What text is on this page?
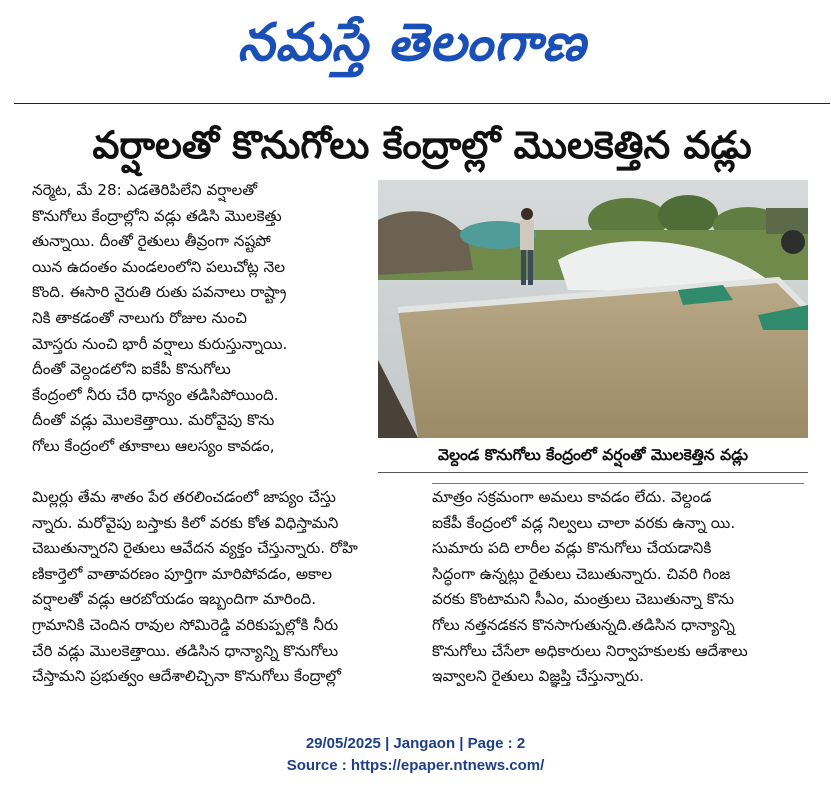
నమస్తే తెలంగాణ
వర్షాలతో కొనుగోలు కేంద్రాల్లో మొలకెత్తిన వడ్లు
నర్మెట, మే 28: ఎడతెరిపిలేని వర్షాలతో
కొనుగోలు కేంద్రాల్లోని వడ్లు తడిసి మొలకెత్తు
తున్నాయి. దీంతో రైతులు తీవ్రంగా నష్టపో
యిన ఉదంతం మండలంలోని పలుచోట్ల నెల
కొంది. ఈసారి నైరుతి రుతు పవనాలు రాష్ట్రా
నికి తాకడంతో నాలుగు రోజుల నుంచి
మోస్తరు నుంచి భారీ వర్షాలు కురుస్తున్నాయి.
దీంతో వెల్దండలోని ఐకేపీ కొనుగోలు
కేంద్రంలో నీరు చేరి ధాన్యం తడిసిపోయింది.
దీంతో వడ్లు మొలకెత్తాయి. మరోవైపు కొను
గోలు కేంద్రంలో తూకాలు ఆలస్యం కావడం,
వెల్దండ కొనుగోలు కేంద్రంలో వర్షంతో మొలకెత్తిన వడ్లు
మిల్లర్లు తేమ శాతం పేర తరలించడంలో జాప్యం చేస్తు
న్నారు. మరోవైపు బస్తాకు కిలో వరకు కోత విధిస్తామని
చెబుతున్నారని రైతులు ఆవేదన వ్యక్తం చేస్తున్నారు. రోహి
ణికార్తెలో వాతావరణం పూర్తిగా మారిపోవడం, అకాల
వర్షాలతో వడ్లు ఆరబోయడం ఇబ్బందిగా మారింది.
గ్రామానికి చెందిన రావుల సోమిరెడ్డి వరికుప్పల్లోకి నీరు
చేరి వడ్లు మొలకెత్తాయి. తడిసిన ధాన్యాన్ని కొనుగోలు
చేస్తామని ప్రభుత్వం ఆదేశాలిచ్చినా కొనుగోలు కేంద్రాల్లో
మాత్రం సక్రమంగా అమలు కావడం లేదు. వెల్దండ
ఐకేపీ కేంద్రంలో వడ్ల నిల్వలు చాలా వరకు ఉన్నా యి.
సుమారు పది లారీల వడ్లు కొనుగోలు చేయడానికి
సిద్ధంగా ఉన్నట్లు రైతులు చెబుతున్నారు. చివరి గింజ
వరకు కొంటామని సీఎం, మంత్రులు చెబుతున్నా కొను
గోలు నత్తనడకన కొనసాగుతున్నది.తడిసిన ధాన్యాన్ని
కొనుగోలు చేసేలా అధికారులు నిర్వాహకులకు ఆదేశాలు
ఇవ్వాలని రైతులు విజ్ఞప్తి చేస్తున్నారు.
29/05/2025 | Jangaon | Page : 2
Source : https://epaper.ntnews.com/
